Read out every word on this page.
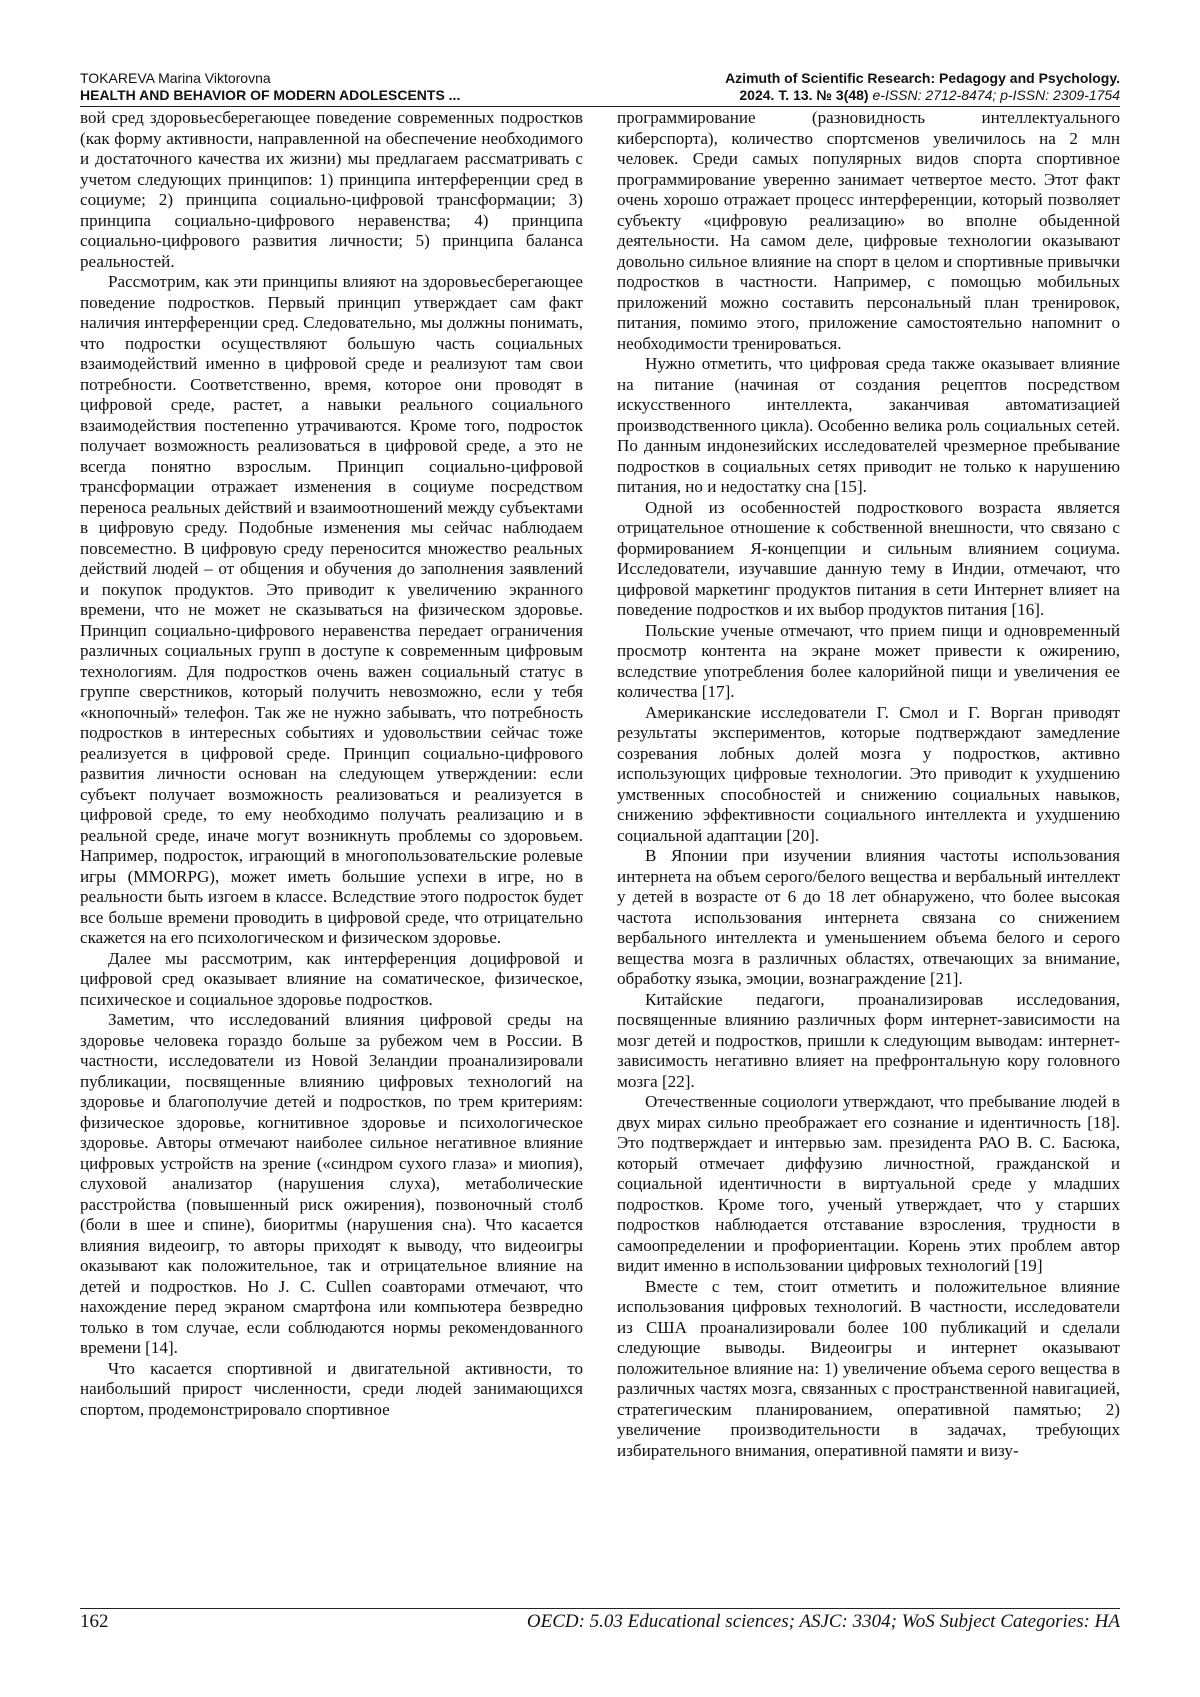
TOKAREVA Marina Viktorovna
HEALTH AND BEHAVIOR OF MODERN ADOLESCENTS ...
Azimuth of Scientific Research: Pedagogy and Psychology.
2024. Т. 13. № 3(48) e-ISSN: 2712-8474; p-ISSN: 2309-1754

вой сред здоровьесберегающее поведение современных подростков (как форму активности, направленной на обеспечение необходимого и достаточного качества их жизни) мы предлагаем рассматривать с учетом следующих принципов: 1) принципа интерференции сред в социуме; 2) принципа социально-цифровой трансформации; 3) принципа социально-цифрового неравенства; 4) принципа социально-цифрового развития личности; 5) принципа баланса реальностей.

Рассмотрим, как эти принципы влияют на здоровьесберегающее поведение подростков. Первый принцип утверждает сам факт наличия интерференции сред. Следовательно, мы должны понимать, что подростки осуществляют большую часть социальных взаимодействий именно в цифровой среде и реализуют там свои потребности. Соответственно, время, которое они проводят в цифровой среде, растет, а навыки реального социального взаимодействия постепенно утрачиваются. Кроме того, подросток получает возможность реализоваться в цифровой среде, а это не всегда понятно взрослым. Принцип социально-цифровой трансформации отражает изменения в социуме посредством переноса реальных действий и взаимоотношений между субъектами в цифровую среду. Подобные изменения мы сейчас наблюдаем повсеместно. В цифровую среду переносится множество реальных действий людей – от общения и обучения до заполнения заявлений и покупок продуктов. Это приводит к увеличению экранного времени, что не может не сказываться на физическом здоровье. Принцип социально-цифрового неравенства передает ограничения различных социальных групп в доступе к современным цифровым технологиям. Для подростков очень важен социальный статус в группе сверстников, который получить невозможно, если у тебя «кнопочный» телефон. Так же не нужно забывать, что потребность подростков в интересных событиях и удовольствии сейчас тоже реализуется в цифровой среде. Принцип социально-цифрового развития личности основан на следующем утверждении: если субъект получает возможность реализоваться и реализуется в цифровой среде, то ему необходимо получать реализацию и в реальной среде, иначе могут возникнуть проблемы со здоровьем. Например, подросток, играющий в многопользовательские ролевые игры (MMORPG), может иметь большие успехи в игре, но в реальности быть изгоем в классе. Вследствие этого подросток будет все больше времени проводить в цифровой среде, что отрицательно скажется на его психологическом и физическом здоровье.

Далее мы рассмотрим, как интерференция доцифровой и цифровой сред оказывает влияние на соматическое, физическое, психическое и социальное здоровье подростков.

Заметим, что исследований влияния цифровой среды на здоровье человека гораздо больше за рубежом чем в России. В частности, исследователи из Новой Зеландии проанализировали публикации, посвященные влиянию цифровых технологий на здоровье и благополучие детей и подростков, по трем критериям: физическое здоровье, когнитивное здоровье и психологическое здоровье. Авторы отмечают наиболее сильное негативное влияние цифровых устройств на зрение («синдром сухого глаза» и миопия), слуховой анализатор (нарушения слуха), метаболические расстройства (повышенный риск ожирения), позвоночный столб (боли в шее и спине), биоритмы (нарушения сна). Что касается влияния видеоигр, то авторы приходят к выводу, что видеоигры оказывают как положительное, так и отрицательное влияние на детей и подростков. Но J. C. Cullen соавторами отмечают, что нахождение перед экраном смартфона или компьютера безвредно только в том случае, если соблюдаются нормы рекомендованного времени [14].

Что касается спортивной и двигательной активности, то наибольший прирост численности, среди людей занимающихся спортом, продемонстрировало спортивное

программирование (разновидность интеллектуального киберспорта), количество спортсменов увеличилось на 2 млн человек. Среди самых популярных видов спорта спортивное программирование уверенно занимает четвертое место. Этот факт очень хорошо отражает процесс интерференции, который позволяет субъекту «цифровую реализацию» во вполне обыденной деятельности. На самом деле, цифровые технологии оказывают довольно сильное влияние на спорт в целом и спортивные привычки подростков в частности. Например, с помощью мобильных приложений можно составить персональный план тренировок, питания, помимо этого, приложение самостоятельно напомнит о необходимости тренироваться.

Нужно отметить, что цифровая среда также оказывает влияние на питание (начиная от создания рецептов посредством искусственного интеллекта, заканчивая автоматизацией производственного цикла). Особенно велика роль социальных сетей. По данным индонезийских исследователей чрезмерное пребывание подростков в социальных сетях приводит не только к нарушению питания, но и недостатку сна [15].

Одной из особенностей подросткового возраста является отрицательное отношение к собственной внешности, что связано с формированием Я-концепции и сильным влиянием социума. Исследователи, изучавшие данную тему в Индии, отмечают, что цифровой маркетинг продуктов питания в сети Интернет влияет на поведение подростков и их выбор продуктов питания [16].

Польские ученые отмечают, что прием пищи и одновременный просмотр контента на экране может привести к ожирению, вследствие употребления более калорийной пищи и увеличения ее количества [17].

Американские исследователи Г. Смол и Г. Ворган приводят результаты экспериментов, которые подтверждают замедление созревания лобных долей мозга у подростков, активно использующих цифровые технологии. Это приводит к ухудшению умственных способностей и снижению социальных навыков, снижению эффективности социального интеллекта и ухудшению социальной адаптации [20].

В Японии при изучении влияния частоты использования интернета на объем серого/белого вещества и вербальный интеллект у детей в возрасте от 6 до 18 лет обнаружено, что более высокая частота использования интернета связана со снижением вербального интеллекта и уменьшением объема белого и серого вещества мозга в различных областях, отвечающих за внимание, обработку языка, эмоции, вознаграждение [21].

Китайские педагоги, проанализировав исследования, посвященные влиянию различных форм интернет-зависимости на мозг детей и подростков, пришли к следующим выводам: интернет-зависимость негативно влияет на префронтальную кору головного мозга [22].

Отечественные социологи утверждают, что пребывание людей в двух мирах сильно преображает его сознание и идентичность [18]. Это подтверждает и интервью зам. президента РАО В. С. Басюка, который отмечает диффузию личностной, гражданской и социальной идентичности в виртуальной среде у младших подростков. Кроме того, ученый утверждает, что у старших подростков наблюдается отставание взросления, трудности в самоопределении и профориентации. Корень этих проблем автор видит именно в использовании цифровых технологий [19]

Вместе с тем, стоит отметить и положительное влияние использования цифровых технологий. В частности, исследователи из США проанализировали более 100 публикаций и сделали следующие выводы. Видеоигры и интернет оказывают положительное влияние на: 1) увеличение объема серого вещества в различных частях мозга, связанных с пространственной навигацией, стратегическим планированием, оперативной памятью; 2) увеличение производительности в задачах, требующих избирательного внимания, оперативной памяти и визу-

162	OECD: 5.03 Educational sciences; ASJC: 3304; WoS Subject Categories: HA
